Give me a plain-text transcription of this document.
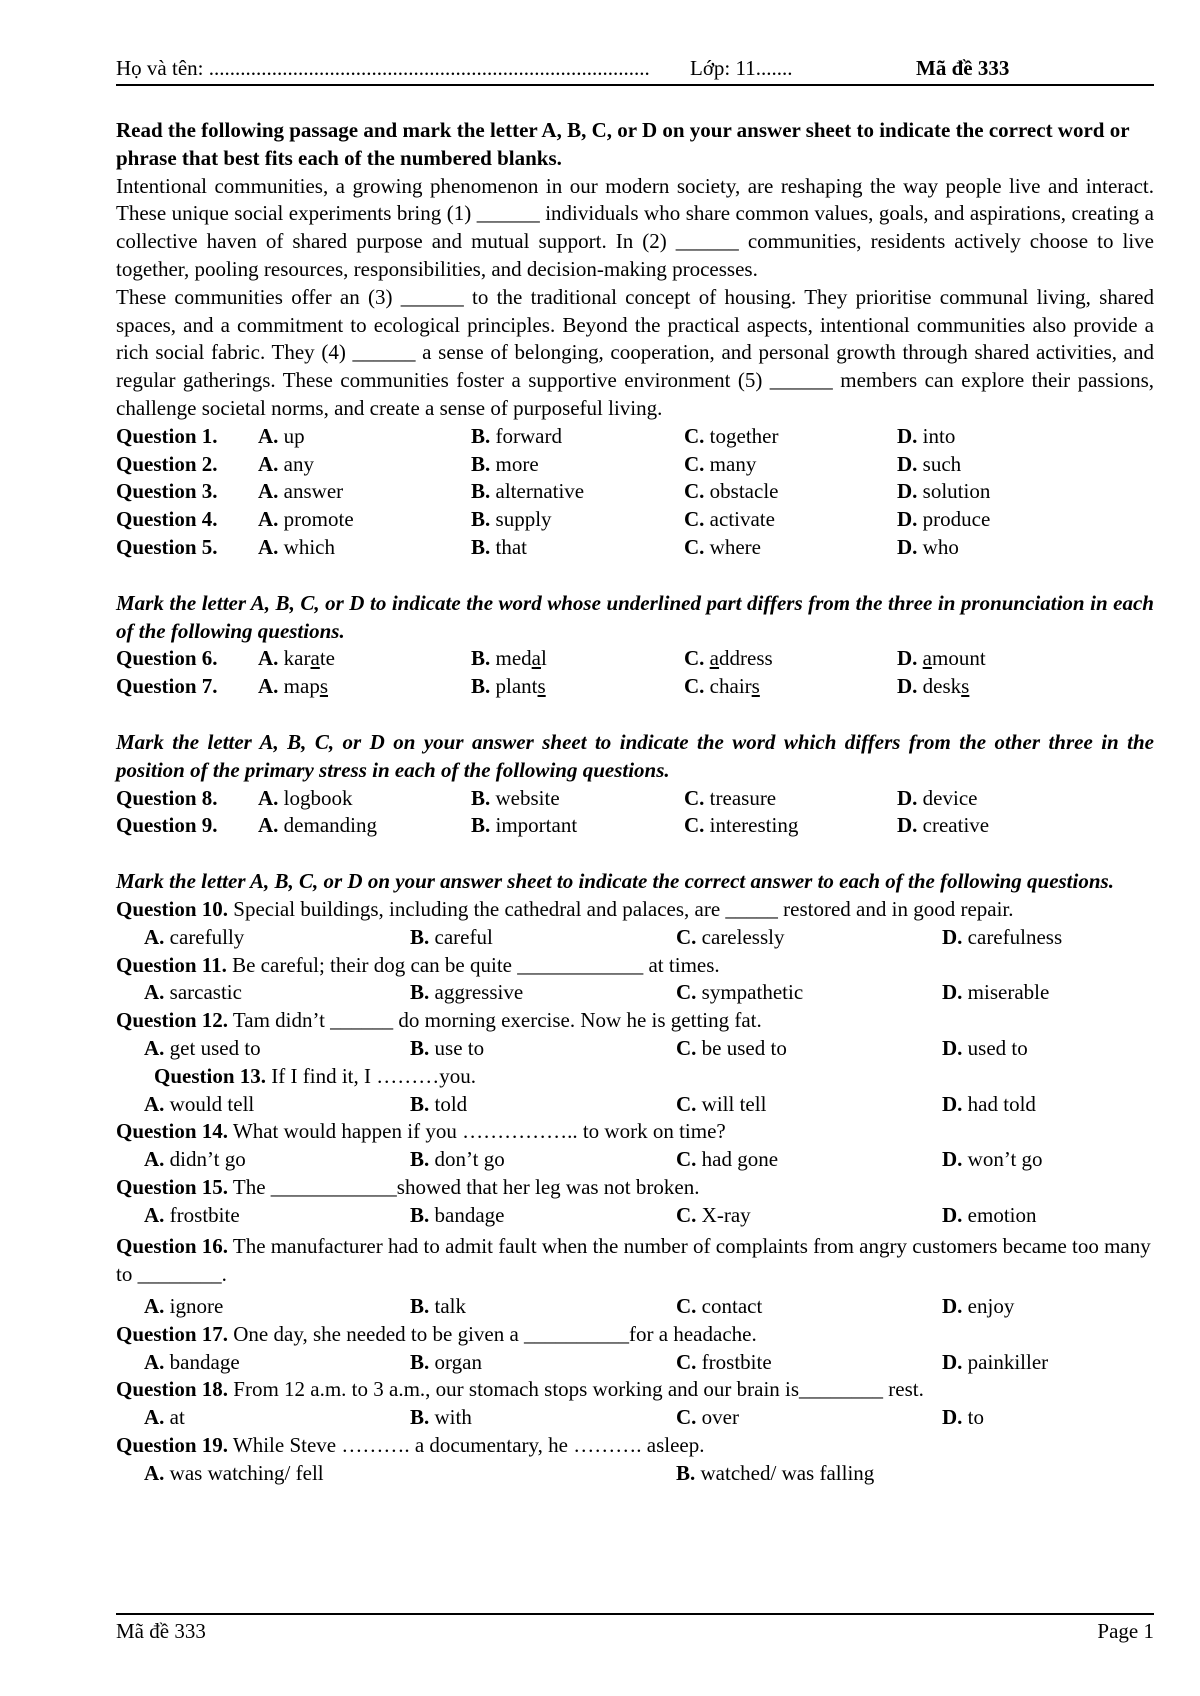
Họ và tên: .................................................................................... Lớp: 11.......	Mã đề 333
Read the following passage and mark the letter A, B, C, or D on your answer sheet to indicate the correct word or phrase that best fits each of the numbered blanks.
Intentional communities, a growing phenomenon in our modern society, are reshaping the way people live and interact. These unique social experiments bring (1) ______ individuals who share common values, goals, and aspirations, creating a collective haven of shared purpose and mutual support. In (2) ______ communities, residents actively choose to live together, pooling resources, responsibilities, and decision-making processes.
These communities offer an (3) ______ to the traditional concept of housing. They prioritise communal living, shared spaces, and a commitment to ecological principles. Beyond the practical aspects, intentional communities also provide a rich social fabric. They (4) ______ a sense of belonging, cooperation, and personal growth through shared activities, and regular gatherings. These communities foster a supportive environment (5) ______ members can explore their passions, challenge societal norms, and create a sense of purposeful living.
Question 1.	A. up	B. forward	C. together	D. into
Question 2.	A. any	B. more	C. many	D. such
Question 3.	A. answer	B. alternative	C. obstacle	D. solution
Question 4.	A. promote	B. supply	C. activate	D. produce
Question 5.	A. which	B. that	C. where	D. who
Mark the letter A, B, C, or D to indicate the word whose underlined part differs from the three in pronunciation in each of the following questions.
Question 6.	A. karate	B. medal	C. address	D. amount
Question 7.	A. maps	B. plants	C. chairs	D. desks
Mark the letter A, B, C, or D on your answer sheet to indicate the word which differs from the other three in the position of the primary stress in each of the following questions.
Question 8.	A. logbook	B. website	C. treasure	D. device
Question 9.	A. demanding	B. important	C. interesting	D. creative
Mark the letter A, B, C, or D on your answer sheet to indicate the correct answer to each of the following questions.
Question 10. Special buildings, including the cathedral and palaces, are _____ restored and in good repair.
A. carefully	B. careful	C. carelessly	D. carefulness
Question 11. Be careful; their dog can be quite ____________ at times.
A. sarcastic	B. aggressive	C. sympathetic	D. miserable
Question 12. Tam didn’t ______ do morning exercise. Now he is getting fat.
A. get used to	B. use to	C. be used to	D. used to
Question 13. If I find it, I ………you.
A. would tell	B. told	C. will tell	D. had told
Question 14. What would happen if you …………….. to work on time?
A. didn’t go	B. don’t go	C. had gone	D. won’t go
Question 15. The ____________showed that her leg was not broken.
A. frostbite	B. bandage	C. X-ray	D. emotion
Question 16. The manufacturer had to admit fault when the number of complaints from angry customers became too many to ________.
A. ignore	B. talk	C. contact	D. enjoy
Question 17. One day, she needed to be given a __________for a headache.
A. bandage	B. organ	C. frostbite	D. painkiller
Question 18. From 12 a.m. to 3 a.m., our stomach stops working and our brain is________ rest.
A. at	B. with	C. over	D. to
Question 19. While Steve ………. a documentary, he ………. asleep.
A. was watching/ fell	B. watched/ was falling
Mã đề 333	Page 1
